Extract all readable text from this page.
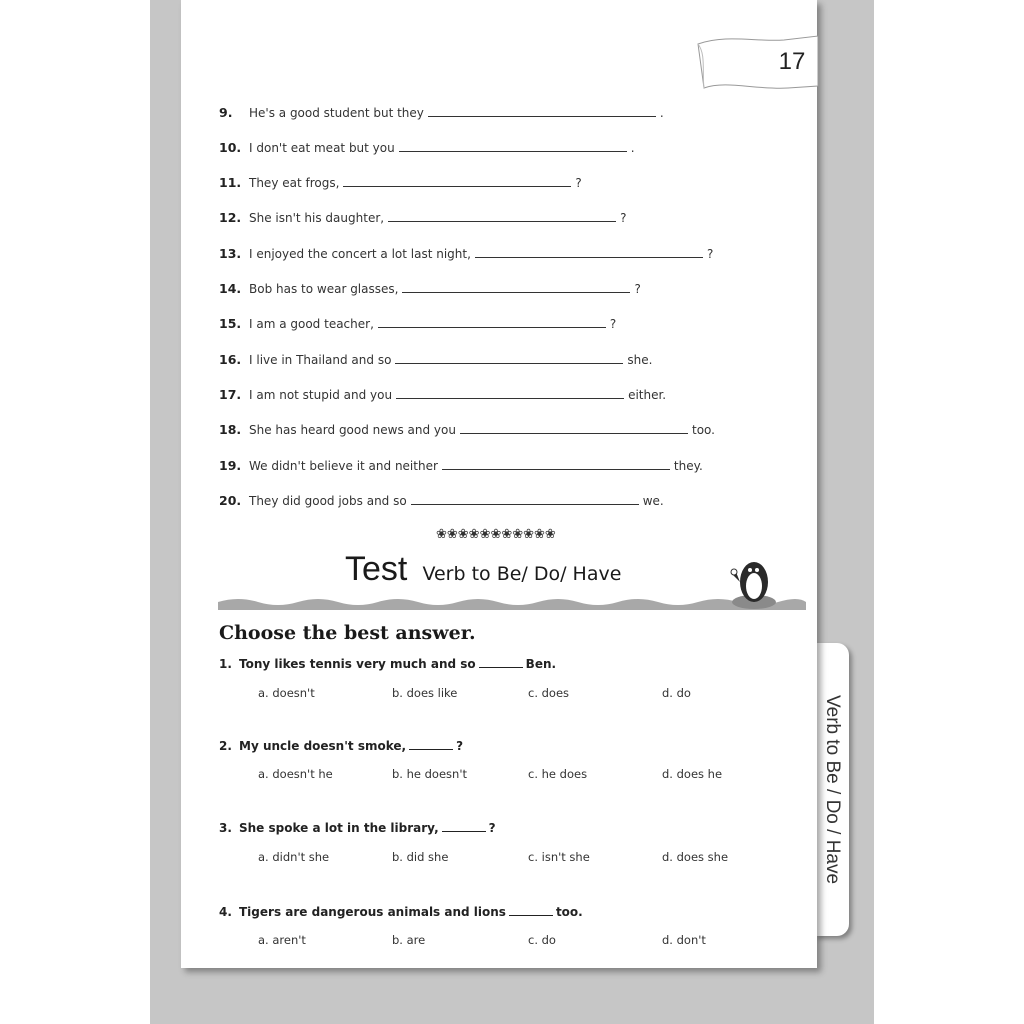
Verb to Be / Do / Have
17
9.	He's a good student but they	.
10. I don't eat meat but you	.
11. They eat frogs,	?
12. She isn't his daughter,	?
13. I enjoyed the concert a lot last night,	?
14. Bob has to wear glasses,	?
15. I am a good teacher,	?
16. I live in Thailand and so	she.
17. I am not stupid and you	either.
18. She has heard good news and you	too.
19. We didn't believe it and neither	they.
20. They did good jobs and so	we.
❀❀❀❀❀❀❀❀❀❀❀
Test Verb to Be/ Do/ Have
Choose the best answer.
1. Tony likes tennis very much and so	Ben.
a. doesn't	b. does like	c. does	d. do
2. My uncle doesn't smoke,	?
a. doesn't he	b. he doesn't	c. he does	d. does he
3. She spoke a lot in the library,	?
a. didn't she	b. did she	c. isn't she	d. does she
4. Tigers are dangerous animals and lions	too.
a. aren't	b. are	c. do	d. don't
